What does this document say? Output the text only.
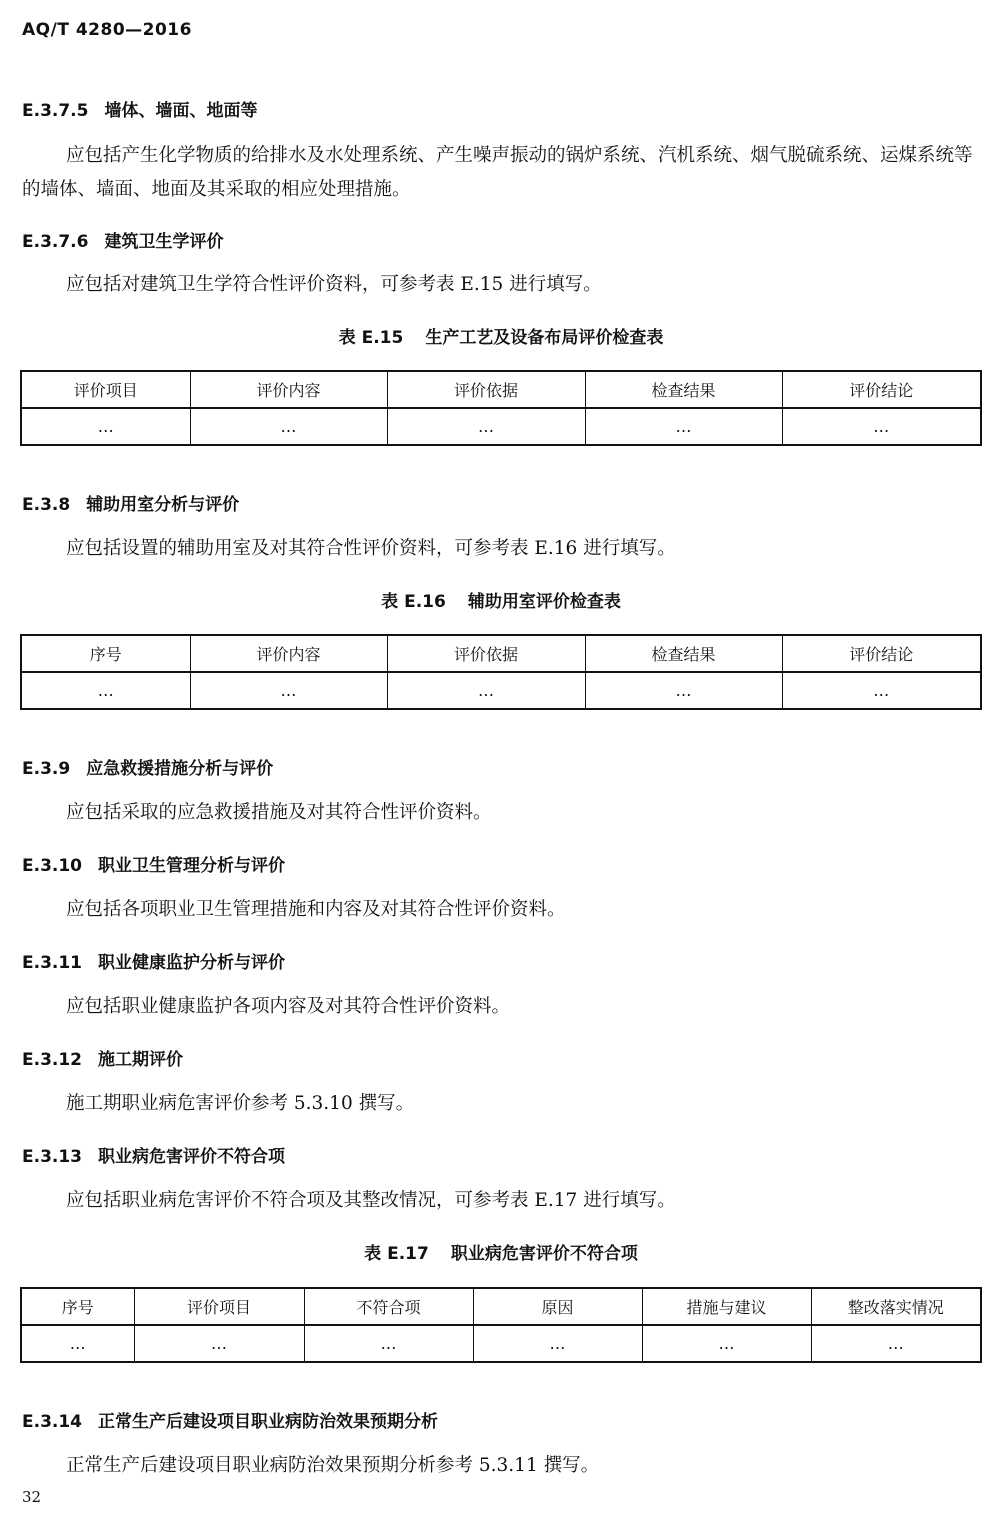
AQ/T 4280—2016
E.3.7.5 墙体、墙面、地面等
应包括产生化学物质的给排水及水处理系统、产生噪声振动的锅炉系统、汽机系统、烟气脱硫系统、运煤系统等的墙体、墙面、地面及其采取的相应处理措施。
E.3.7.6 建筑卫生学评价
应包括对建筑卫生学符合性评价资料，可参考表 E.15 进行填写。
表 E.15 生产工艺及设备布局评价检查表
评价项目	评价内容	评价依据	检查结果	评价结论
…	…	…	…	…
E.3.8 辅助用室分析与评价
应包括设置的辅助用室及对其符合性评价资料，可参考表 E.16 进行填写。
表 E.16 辅助用室评价检查表
序号	评价内容	评价依据	检查结果	评价结论
…	…	…	…	…
E.3.9 应急救援措施分析与评价
应包括采取的应急救援措施及对其符合性评价资料。
E.3.10 职业卫生管理分析与评价
应包括各项职业卫生管理措施和内容及对其符合性评价资料。
E.3.11 职业健康监护分析与评价
应包括职业健康监护各项内容及对其符合性评价资料。
E.3.12 施工期评价
施工期职业病危害评价参考 5.3.10 撰写。
E.3.13 职业病危害评价不符合项
应包括职业病危害评价不符合项及其整改情况，可参考表 E.17 进行填写。
表 E.17 职业病危害评价不符合项
序号	评价项目	不符合项	原因	措施与建议	整改落实情况
…	…	…	…	…	…
E.3.14 正常生产后建设项目职业病防治效果预期分析
正常生产后建设项目职业病防治效果预期分析参考 5.3.11 撰写。
32
